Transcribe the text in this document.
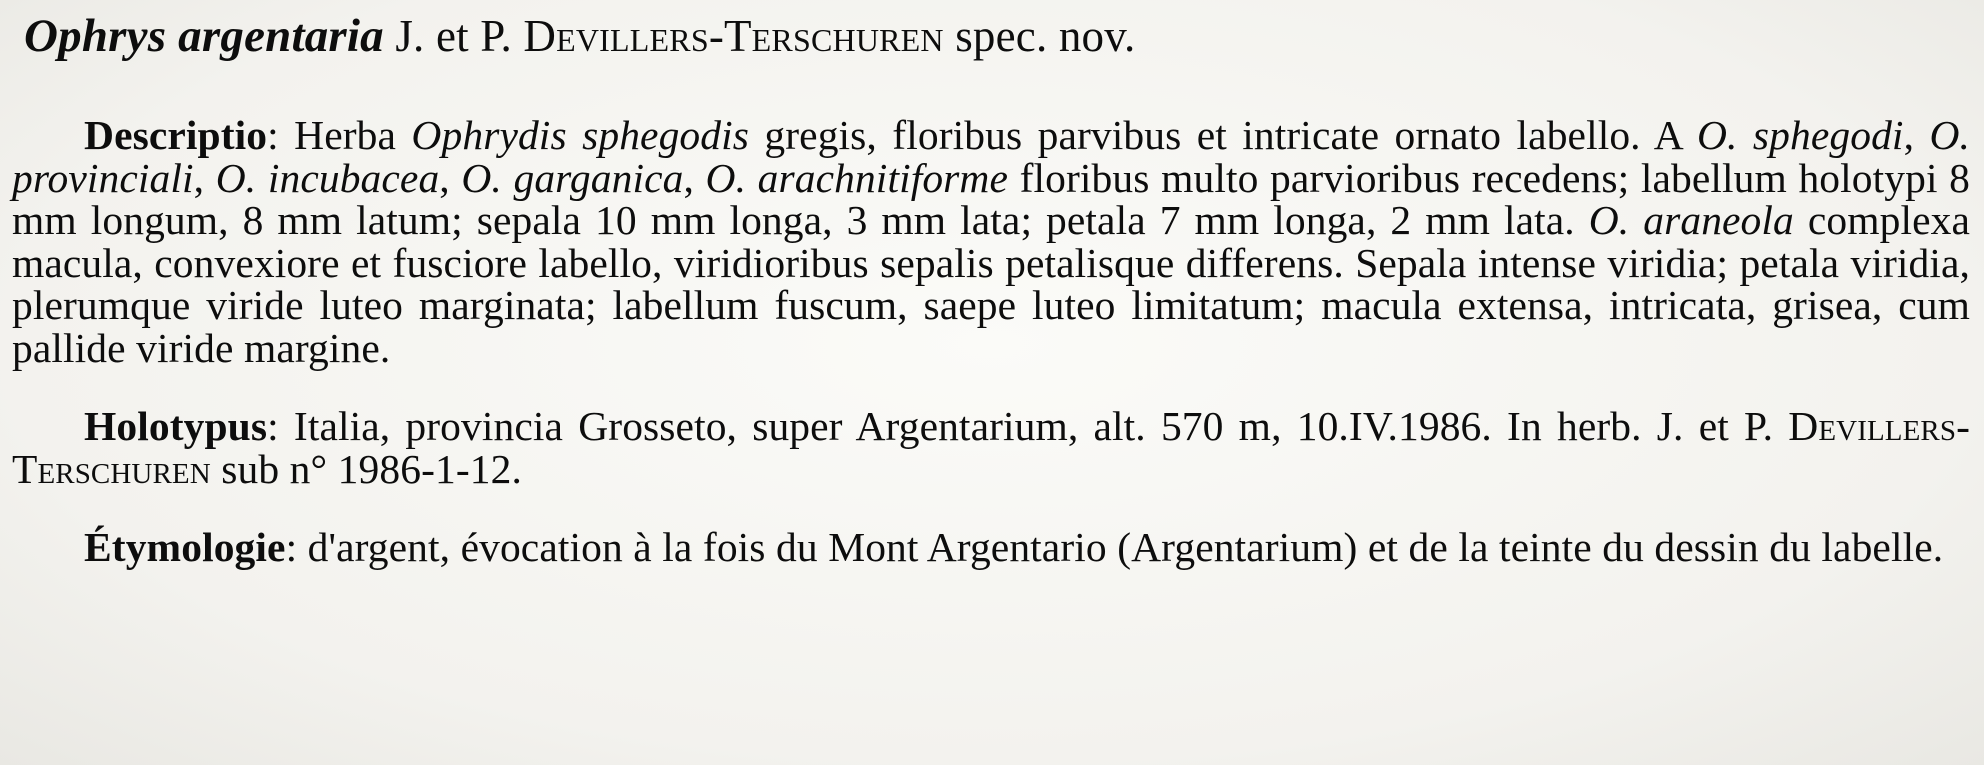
Ophrys argentaria J. et P. Devillers-Terschuren spec. nov.

Descriptio: Herba Ophrydis sphegodis gregis, floribus parvibus et intricate ornato labello. A O. sphegodi, O. provinciali, O. incubacea, O. garganica, O. arachnitiforme floribus multo parvioribus recedens; labellum holotypi 8 mm longum, 8 mm latum; sepala 10 mm longa, 3 mm lata; petala 7 mm longa, 2 mm lata. O. araneola complexa macula, convexiore et fusciore labello, viridioribus sepalis petalisque differens. Sepala intense viridia; petala viridia, plerumque viride luteo marginata; labellum fuscum, saepe luteo limitatum; macula extensa, intricata, grisea, cum pallide viride margine.

Holotypus: Italia, provincia Grosseto, super Argentarium, alt. 570 m, 10.IV.1986. In herb. J. et P. Devillers-Terschuren sub n° 1986-1-12.

Étymologie: d'argent, évocation à la fois du Mont Argentario (Argentarium) et de la teinte du dessin du labelle.
